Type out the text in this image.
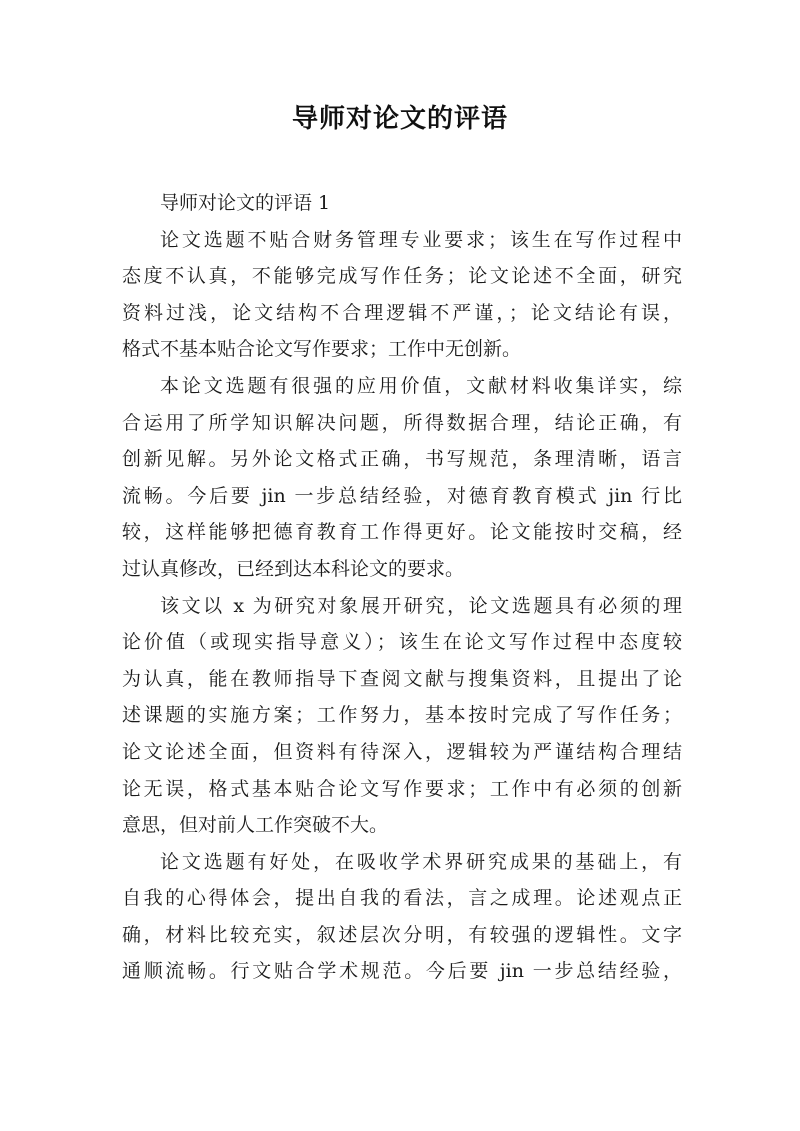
导师对论文的评语
导师对论文的评语 1
论文选题不贴合财务管理专业要求；该生在写作过程中
态度不认真，不能够完成写作任务；论文论述不全面，研究
资料过浅，论文结构不合理逻辑不严谨，；论文结论有误，
格式不基本贴合论文写作要求；工作中无创新。
本论文选题有很强的应用价值，文献材料收集详实，综
合运用了所学知识解决问题，所得数据合理，结论正确，有
创新见解。另外论文格式正确，书写规范，条理清晰，语言
流畅。今后要 jin 一步总结经验，对德育教育模式 jin 行比
较，这样能够把德育教育工作得更好。论文能按时交稿，经
过认真修改，已经到达本科论文的要求。
该文以 x 为研究对象展开研究，论文选题具有必须的理
论价值（或现实指导意义）；该生在论文写作过程中态度较
为认真，能在教师指导下查阅文献与搜集资料，且提出了论
述课题的实施方案；工作努力，基本按时完成了写作任务；
论文论述全面，但资料有待深入，逻辑较为严谨结构合理结
论无误，格式基本贴合论文写作要求；工作中有必须的创新
意思，但对前人工作突破不大。
论文选题有好处，在吸收学术界研究成果的基础上，有
自我的心得体会，提出自我的看法，言之成理。论述观点正
确，材料比较充实，叙述层次分明，有较强的逻辑性。文字
通顺流畅。行文贴合学术规范。今后要 jin 一步总结经验，
